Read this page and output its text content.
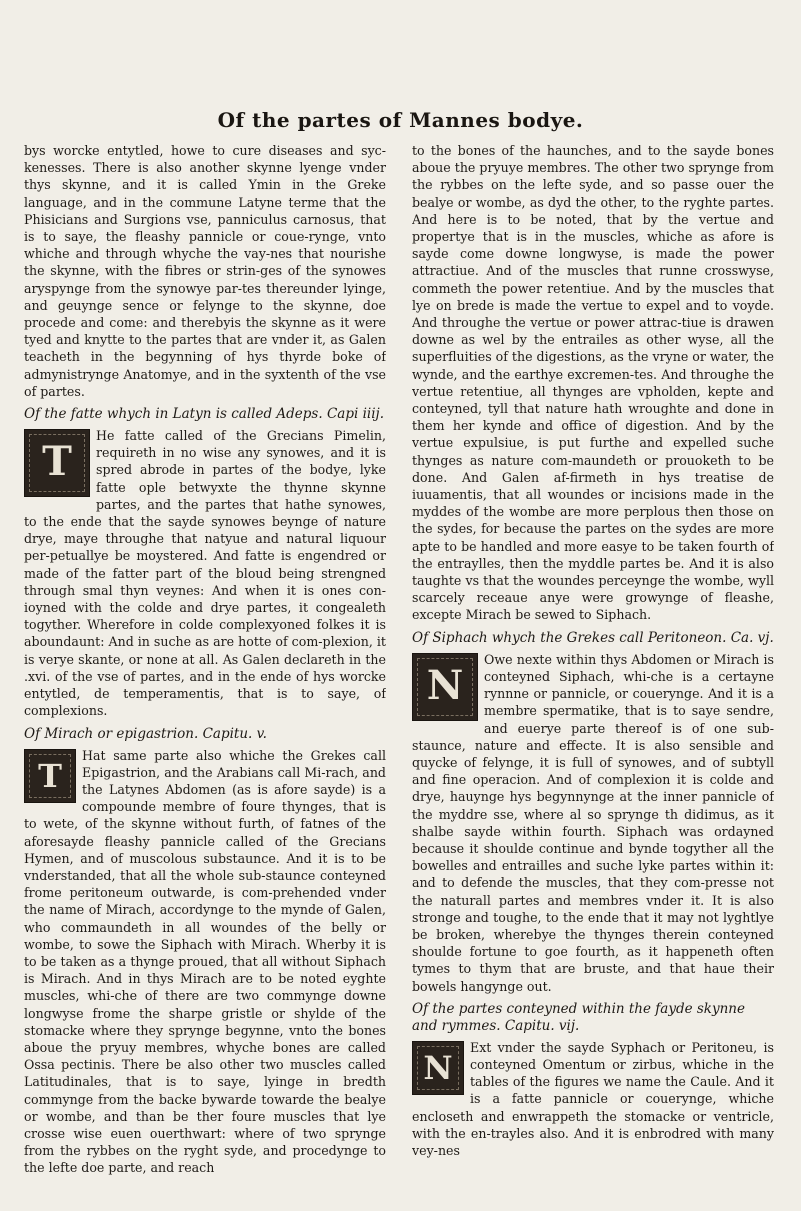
Of the partes of Mannes bodye.

bys worcke entytled, howe to cure diseases and syc-kenesses. There is also another skynne lyenge vnder thys skynne, and it is called Ymin in the Greke language, and in the commune Latyne terme that the Phisicians and Surgions vse, panniculus carnosus, that is to saye, the fleashy pannicle or coue-rynge, vnto whiche and through whyche the vay-nes that nourishe the skynne, with the fibres or strin-ges of the synowes aryspynge from the synowye par-tes thereunder lyinge, and geuynge sence or felynge to the skynne, doe procede and come: and therebyis the skynne as it were tyed and knytte to the partes that are vnder it, as Galen teacheth in the begynning of hys thyrde boke of admynistrynge Anatomye, and in the syxtenth of the vse of partes.

Of the fatte whych in Latyn is called Adeps. Capi iiij.
T

He fatte called of the Grecians Pimelin, requireth in no wise any synowes, and it is spred abrode in partes of the bodye, lyke fatte ople betwyxte the thynne skynne partes, and the partes that hathe synowes, to the ende that the sayde synowes beynge of nature drye, maye throughe that natyue and natural liquour per-petuallye be moystered. And fatte is engendred or made of the fatter part of the bloud being strengned through smal thyn veynes: And when it is ones con-ioyned with the colde and drye partes, it congealeth togyther. Wherefore in colde complexyoned folkes it is aboundaunt: And in suche as are hotte of com-plexion, it is verye skante, or none at all. As Galen declareth in the .xvi. of the vse of partes, and in the ende of hys worcke entytled, de temperamentis, that is to saye, of complexions.

Of Mirach or epigastrion. Capitu. v.
T

Hat same parte also whiche the Grekes call Epigastrion, and the Arabians call Mi-rach, and the Latynes Abdomen (as is afore sayde) is a compounde membre of foure thynges, that is to wete, of the skynne without furth, of fatnes of the aforesayde fleashy pannicle called of the Grecians Hymen, and of muscolous substaunce. And it is to be vnderstanded, that all the whole sub-staunce conteyned frome peritoneum outwarde, is com-prehended vnder the name of Mirach, accordynge to the mynde of Galen, who commaundeth in all woundes of the belly or wombe, to sowe the Siphach with Mirach. Wherby it is to be taken as a thynge proued, that all without Siphach is Mirach. And in thys Mirach are to be noted eyghte muscles, whi-che of there are two commynge downe longwyse frome the sharpe gristle or shylde of the stomacke where they sprynge begynne, vnto the bones aboue the pryuy membres, whyche bones are called Ossa pectinis. There be also other two muscles called Latitudinales, that is to saye, lyinge in bredth commynge from the backe bywarde towarde the bealye or wombe, and than be ther foure muscles that lye crosse wise euen ouerthwart: where of two sprynge from the rybbes on the ryght syde, and procedynge to the lefte doe parte, and reach

to the bones of the haunches, and to the sayde bones aboue the pryuye membres. The other two sprynge from the rybbes on the lefte syde, and so passe ouer the bealye or wombe, as dyd the other, to the ryghte partes. And here is to be noted, that by the vertue and propertye that is in the muscles, whiche as afore is sayde come downe longwyse, is made the power attractiue. And of the muscles that runne crosswyse, commeth the power retentiue. And by the muscles that lye on brede is made the vertue to expel and to voyde. And throughe the vertue or power attrac-tiue is drawen downe as wel by the entrailes as other wyse, all the superfluities of the digestions, as the vryne or water, the wynde, and the earthye excremen-tes. And throughe the vertue retentiue, all thynges are vpholden, kepte and conteyned, tyll that nature hath wroughte and done in them her kynde and office of digestion. And by the vertue expulsiue, is put furthe and expelled suche thynges as nature com-maundeth or prouoketh to be done. And Galen af-firmeth in hys treatise de iuuamentis, that all woundes or incisions made in the myddes of the wombe are more perplous then those on the sydes, for because the partes on the sydes are more apte to be handled and more easye to be taken fourth of the entraylles, then the myddle partes be. And it is also taughte vs that the woundes perceynge the wombe, wyll scarcely receaue anye were growynge of fleashe, excepte Mirach be sewed to Siphach.

Of Siphach whych the Grekes call Peritoneon. Ca. vj.
N

Owe nexte within thys Abdomen or Mirach is conteyned Siphach, whi-che is a certayne rynnne or pannicle, or couerynge. And it is a membre spermatike, that is to saye sendre, and euerye parte thereof is of one sub-staunce, nature and effecte. It is also sensible and quycke of felynge, it is full of synowes, and of subtyll and fine operacion. And of complexion it is colde and drye, hauynge hys begynnynge at the inner pannicle of the myddre sse, where al so sprynge th didimus, as it shalbe sayde within fourth. Siphach was ordayned because it shoulde continue and bynde togyther all the bowelles and entrailles and suche lyke partes within it: and to defende the muscles, that they com-presse not the naturall partes and membres vnder it. It is also stronge and toughe, to the ende that it may not lyghtlye be broken, wherebye the thynges therein conteyned shoulde fortune to goe fourth, as it happeneth often tymes to thym that are bruste, and that haue their bowels hangynge out.

Of the partes conteyned within the fayde skynne and rymmes. Capitu. vij.
N

Ext vnder the sayde Syphach or Peritoneu, is conteyned Omentum or zirbus, whiche in the tables of the figures we name the Caule. And it is a fatte pannicle or couerynge, whiche encloseth and enwrappeth the stomacke or ventricle, with the en-trayles also. And it is enbrodred with many vey-nes
